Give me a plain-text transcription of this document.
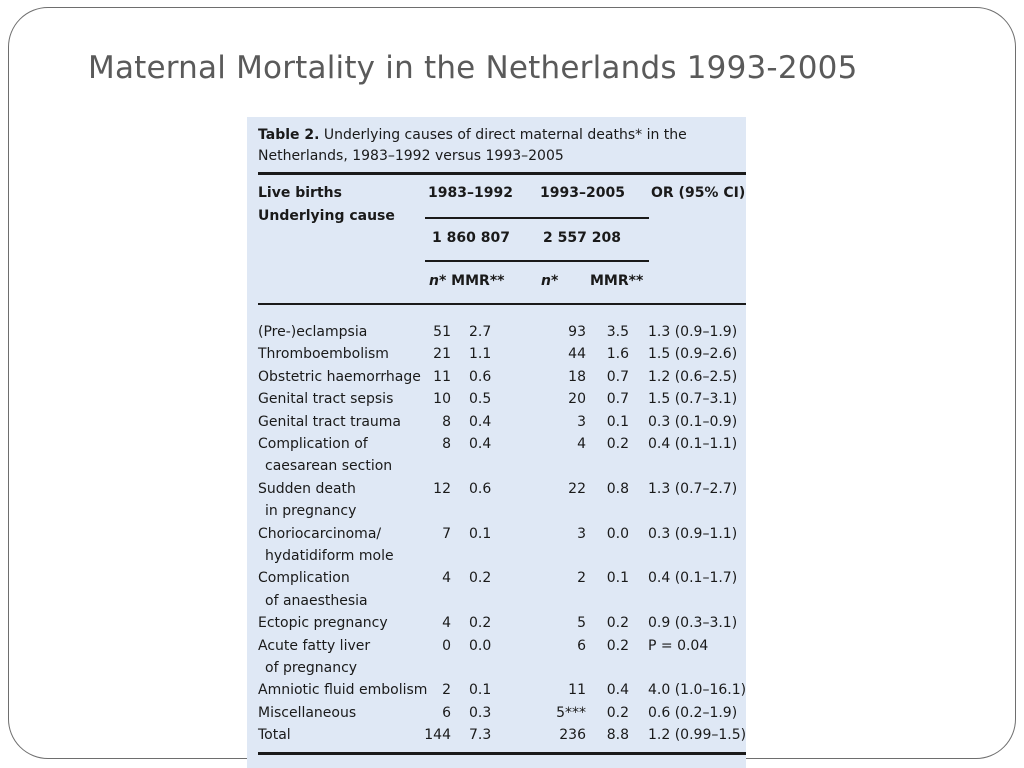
Maternal Mortality in the Netherlands 1993-2005
Table 2. Underlying causes of direct maternal deaths* in the Netherlands, 1983–1992 versus 1993–2005
Live births
Underlying cause
1983–1992 1993–2005 OR (95% CI)
1 860 807 2 557 208
n* MMR**	n* MMR**
(Pre-)eclampsia	51 2.7	93 3.5 1.3 (0.9–1.9)
Thromboembolism	21 1.1	44 1.6 1.5 (0.9–2.6)
Obstetric haemorrhage 11 0.6	18 0.7 1.2 (0.6–2.5)
Genital tract sepsis	10 0.5	20 0.7 1.5 (0.7–3.1)
Genital tract trauma	8 0.4	3 0.1 0.3 (0.1–0.9)
Complication of	8 0.4	4 0.2 0.4 (0.1–1.1)
caesarean section
Sudden death	12 0.6	22 0.8 1.3 (0.7–2.7)
in pregnancy
Choriocarcinoma/	7 0.1	3 0.0 0.3 (0.9–1.1)
hydatidiform mole
Complication	4 0.2	2 0.1 0.4 (0.1–1.7)
of anaesthesia
Ectopic pregnancy	4 0.2	5 0.2 0.9 (0.3–3.1)
Acute fatty liver	0 0.0	6 0.2 P = 0.04
of pregnancy
Amniotic fluid embolism 2 0.1	11 0.4 4.0 (1.0–16.1)
Miscellaneous	6 0.3	5*** 0.2 0.6 (0.2–1.9)
Total	144 7.3	236 8.8 1.2 (0.99–1.5)
